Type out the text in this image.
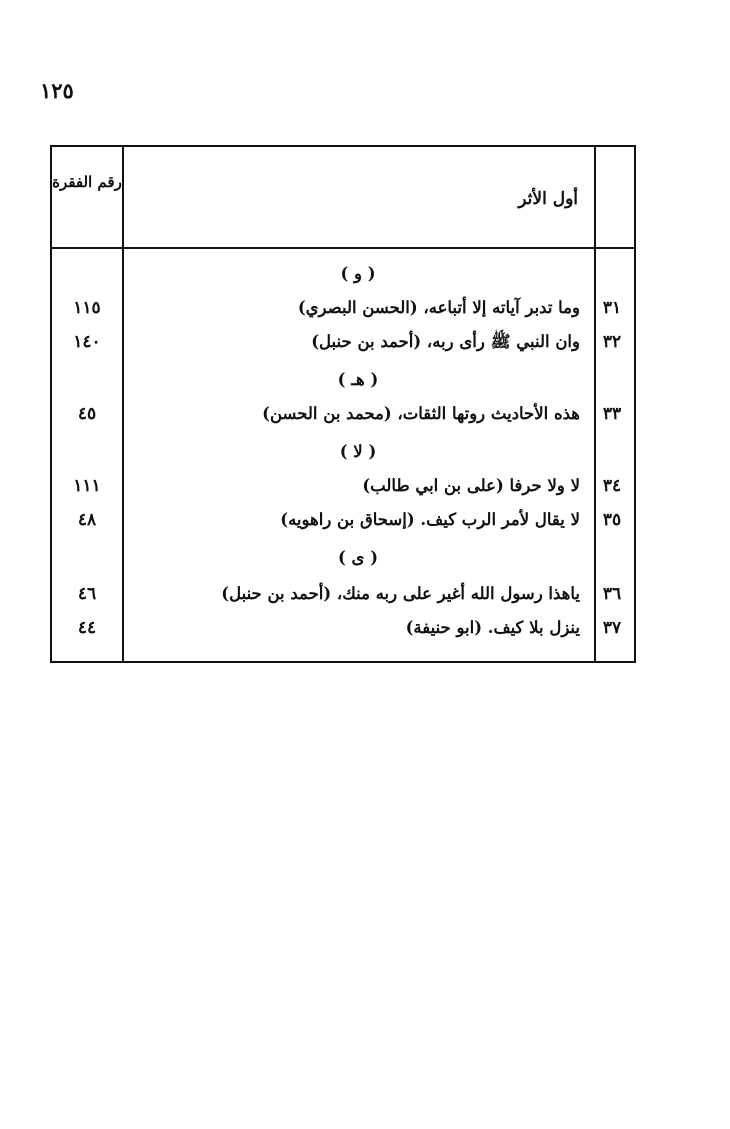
١٢٥
رقم الفقرة
أول الأثر
( و )
١١٥	وما تدبر آياته إلا أتباعه، (الحسن البصري)	٣١
١٤٠	وان النبي ﷺ رأى ربه، (أحمد بن حنبل)	٣٢
( هـ )
٤٥	هذه الأحاديث روتها الثقات، (محمد بن الحسن)	٣٣
( لا )
١١١	لا ولا حرفا (على بن ابي طالب)	٣٤
٤٨	لا يقال لأمر الرب كيف. (إسحاق بن راهويه)	٣٥
( ى )
٤٦	ياهذا رسول الله أغير على ربه منك، (أحمد بن حنبل)	٣٦
٤٤	ينزل بلا كيف. (ابو حنيفة)	٣٧
